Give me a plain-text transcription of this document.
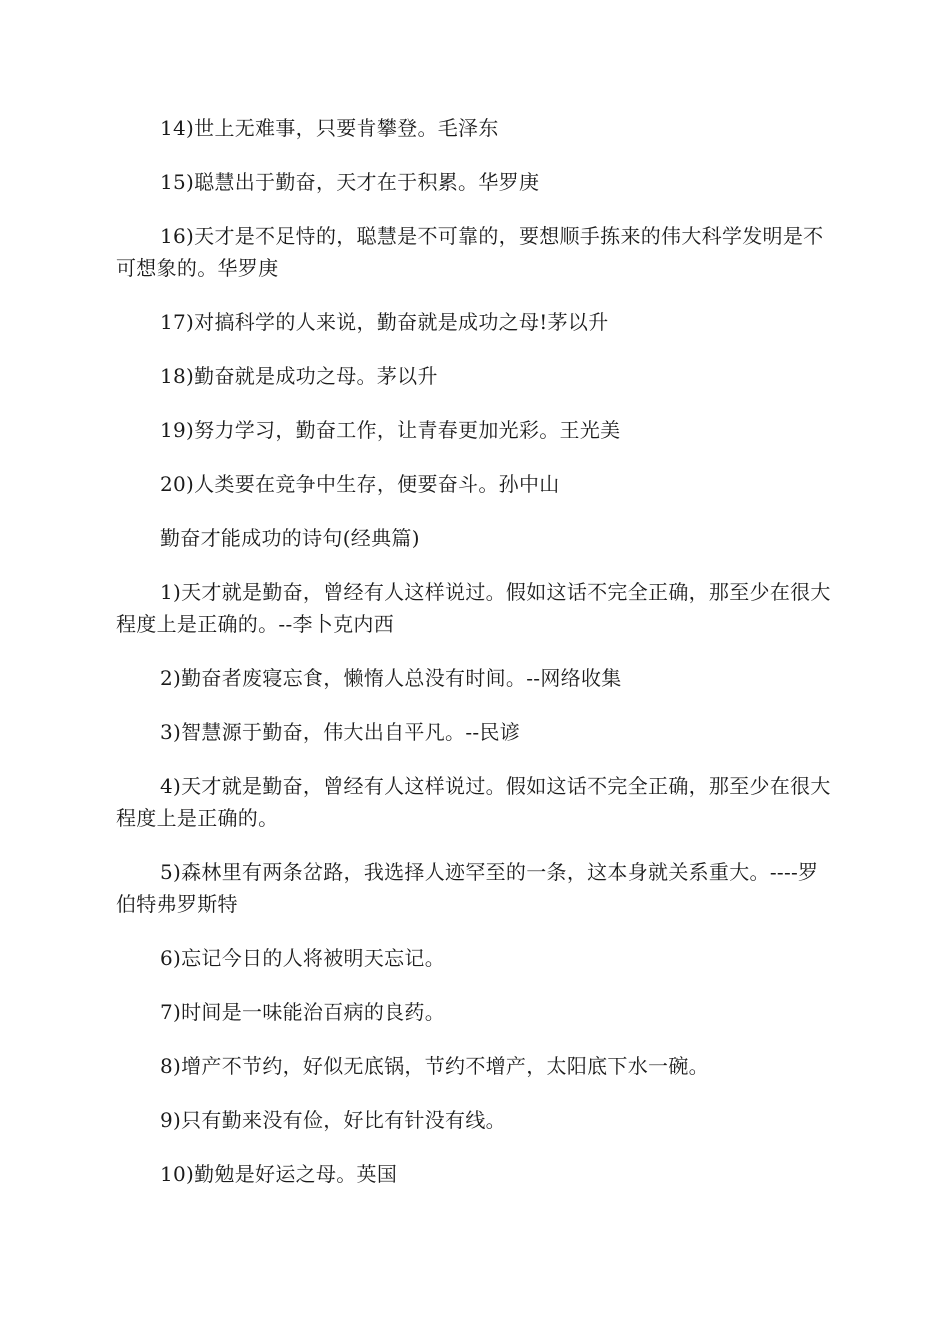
14)世上无难事，只要肯攀登。毛泽东

15)聪慧出于勤奋，天才在于积累。华罗庚

16)天才是不足恃的，聪慧是不可靠的，要想顺手拣来的伟大科学发明是不可想象的。华罗庚

17)对搞科学的人来说，勤奋就是成功之母!茅以升

18)勤奋就是成功之母。茅以升

19)努力学习，勤奋工作，让青春更加光彩。王光美

20)人类要在竞争中生存，便要奋斗。孙中山

勤奋才能成功的诗句(经典篇)

1)天才就是勤奋，曾经有人这样说过。假如这话不完全正确，那至少在很大程度上是正确的。--李卜克内西

2)勤奋者废寝忘食，懒惰人总没有时间。--网络收集

3)智慧源于勤奋，伟大出自平凡。--民谚

4)天才就是勤奋，曾经有人这样说过。假如这话不完全正确，那至少在很大程度上是正确的。

5)森林里有两条岔路，我选择人迹罕至的一条，这本身就关系重大。----罗伯特弗罗斯特

6)忘记今日的人将被明天忘记。

7)时间是一味能治百病的良药。

8)增产不节约，好似无底锅，节约不增产，太阳底下水一碗。

9)只有勤来没有俭，好比有针没有线。

10)勤勉是好运之母。英国
